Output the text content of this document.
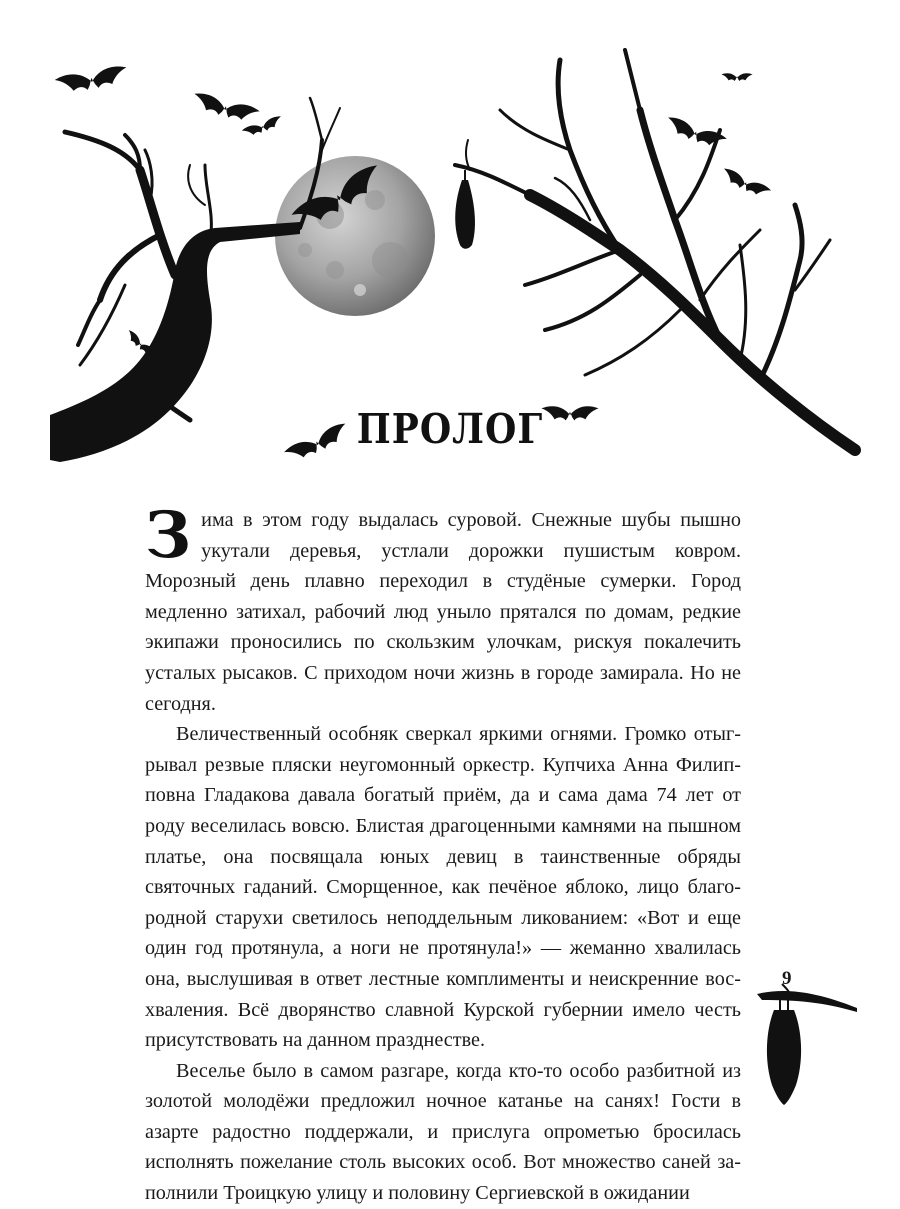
ПРОЛОГ

Зима в этом году выдалась суровой. Снежные шубы пышно укутали деревья, устлали дорожки пушистым ковром. Морозный день плавно переходил в студёные сумерки. Город медленно затихал, рабочий люд уныло прятался по домам, редкие экипажи проносились по скользким улочкам, рискуя покалечить усталых рысаков. С приходом ночи жизнь в городе замирала. Но не сегодня.

Величественный особняк сверкал яркими огнями. Громко отыгрывал резвые пляски неугомонный оркестр. Купчиха Анна Филипповна Гладакова давала богатый приём, да и сама дама 74 лет от роду веселилась вовсю. Блистая драгоценными камнями на пышном платье, она посвящала юных девиц в таинственные обряды святочных гаданий. Сморщенное, как печёное яблоко, лицо благородной старухи светилось неподдельным ликованием: «Вот и еще один год протянула, а ноги не протянула!» — жеманно хвалилась она, выслушивая в ответ лестные комплименты и неискренние восхваления. Всё дворянство славной Курской губернии имело честь присутствовать на данном празднестве.

Веселье было в самом разгаре, когда кто-то особо разбитной из золотой молодёжи предложил ночное катанье на санях! Гости в азарте радостно поддержали, и прислуга опрометью бросилась исполнять пожелание столь высоких особ. Вот множество саней заполнили Троицкую улицу и половину Сергиевской в ожидании

9
